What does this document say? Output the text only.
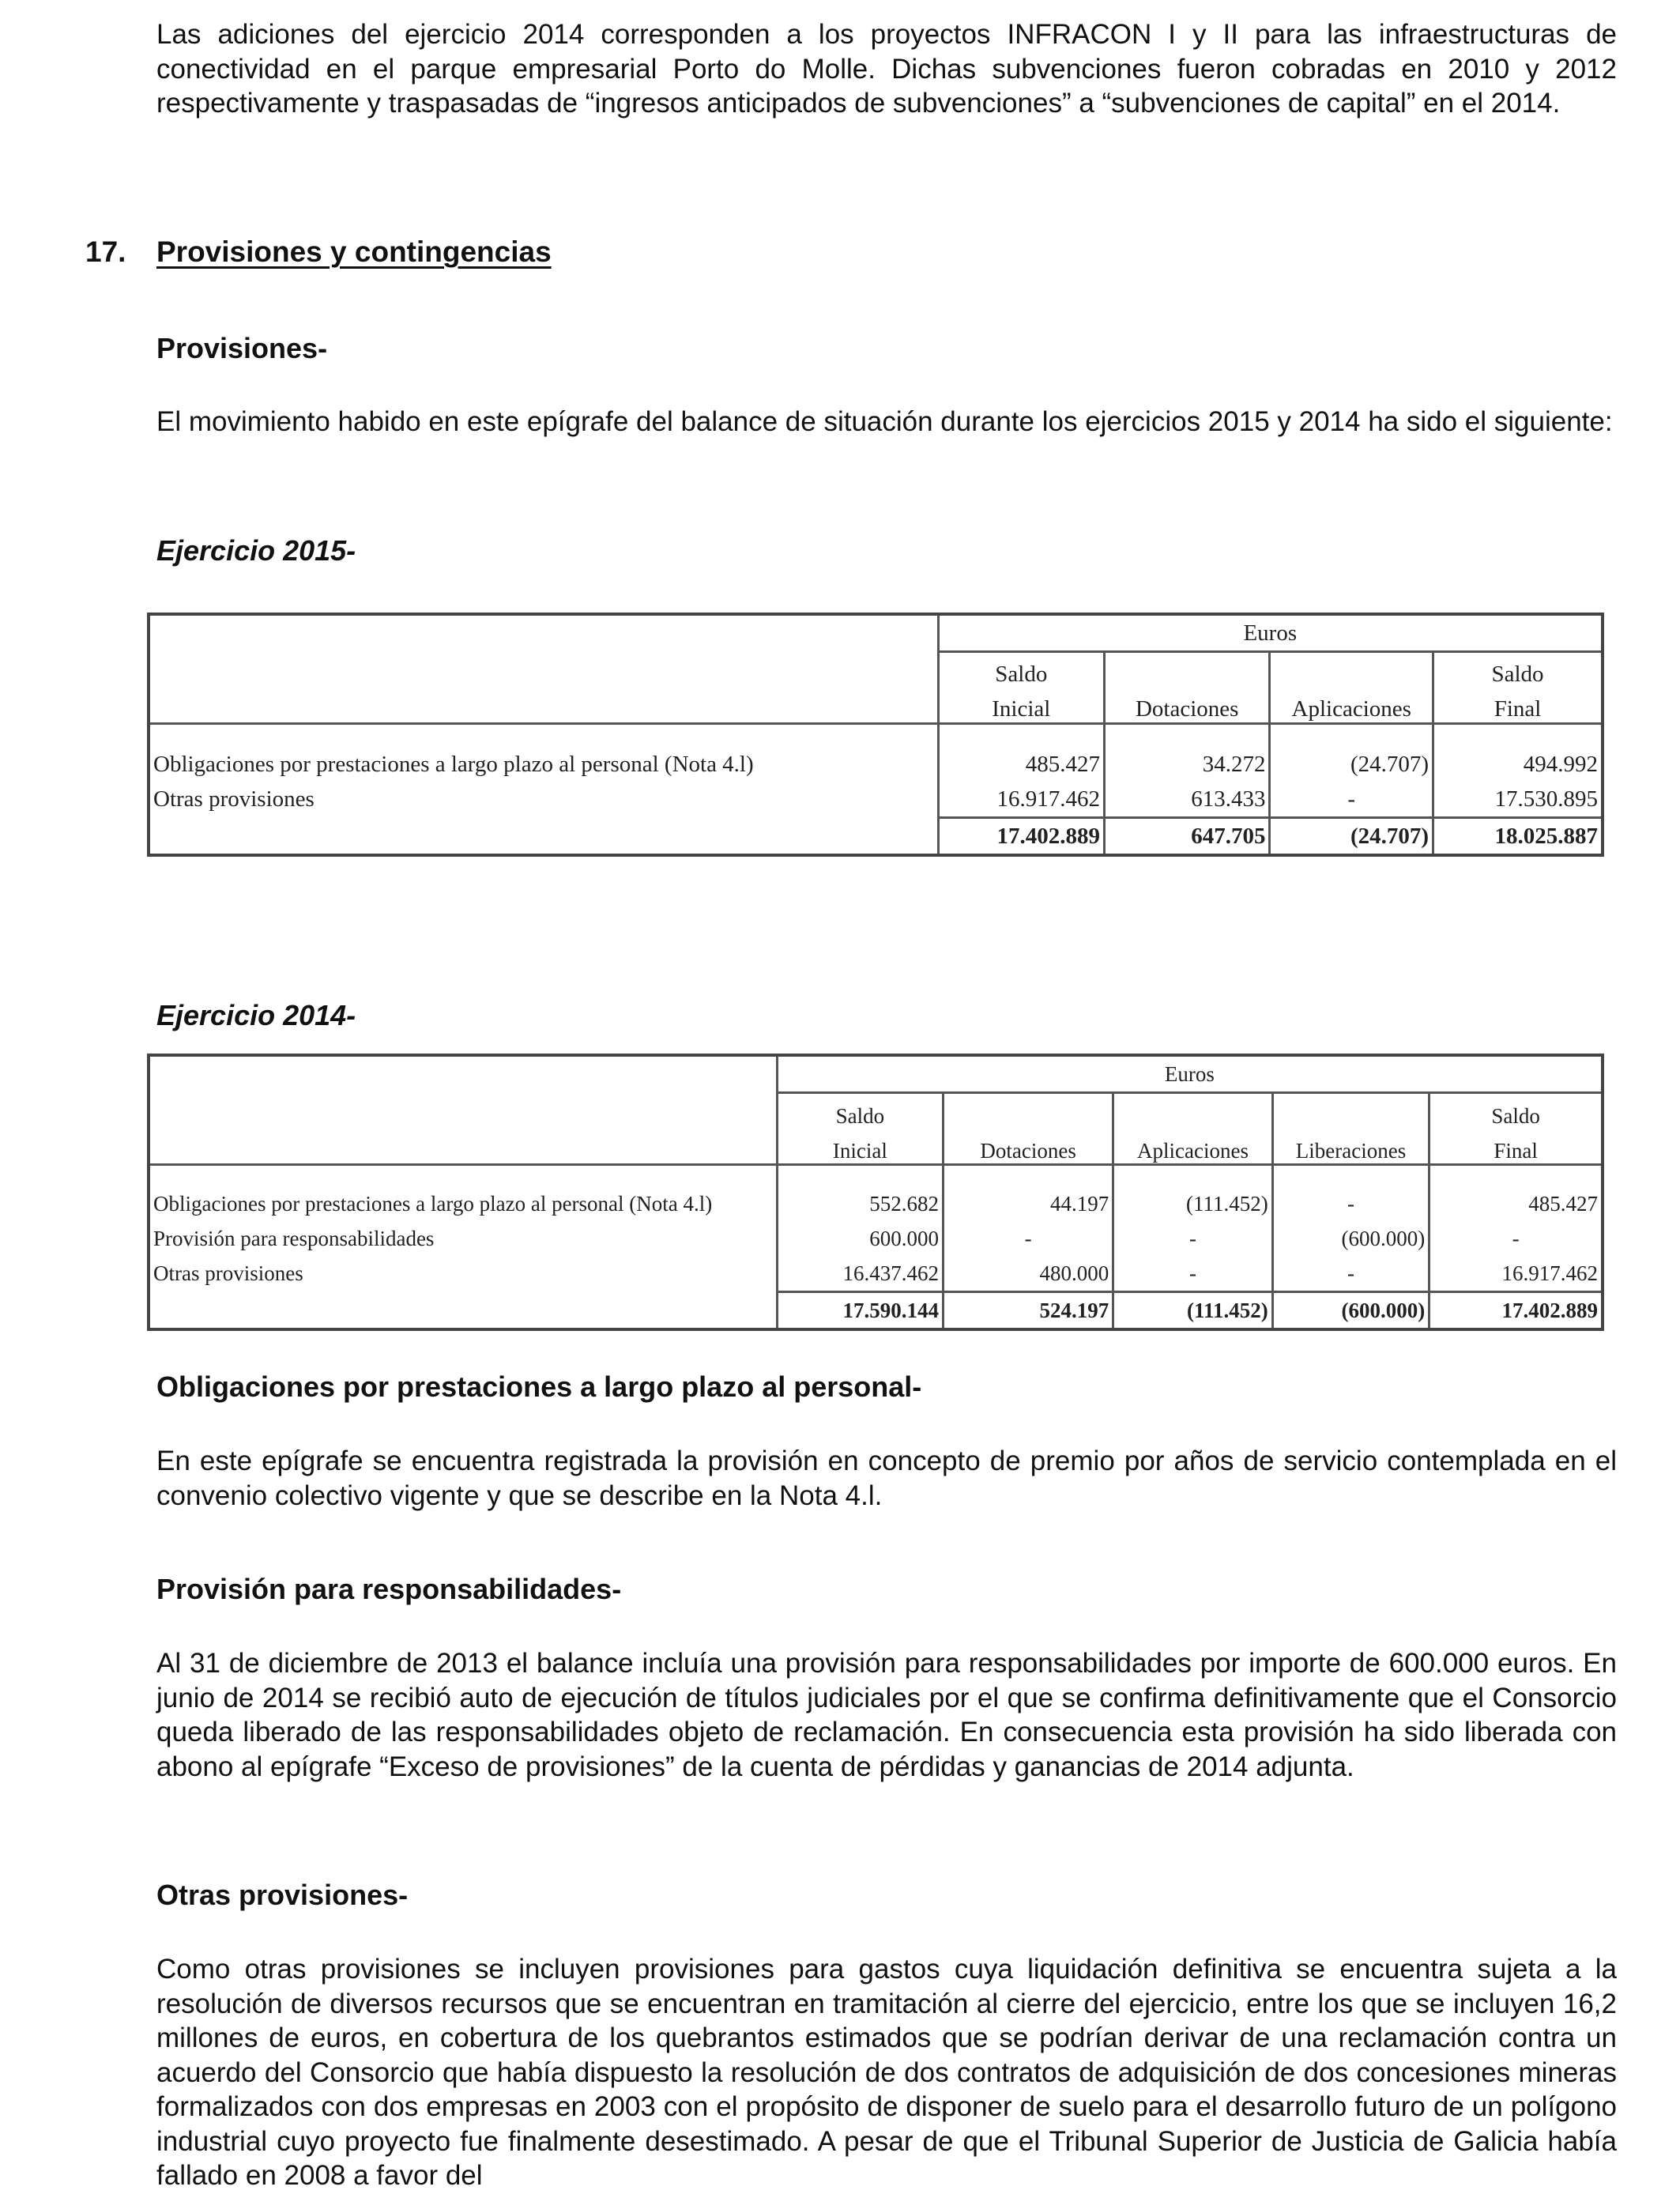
Las adiciones del ejercicio 2014 corresponden a los proyectos INFRACON I y II para las infraestructuras de conectividad en el parque empresarial Porto do Molle. Dichas subvenciones fueron cobradas en 2010 y 2012 respectivamente y traspasadas de “ingresos anticipados de subvenciones” a “subvenciones de capital” en el 2014.

17. Provisiones y contingencias
Provisiones-

El movimiento habido en este epígrafe del balance de situación durante los ejercicios 2015 y 2014 ha sido el siguiente:

Ejercicio 2015-
	Euros			
	Saldo			Saldo
	Inicial	Dotaciones	Aplicaciones	Final

Obligaciones por prestaciones a largo plazo al personal (Nota 4.l)	485.427	34.272	(24.707)	494.992
Otras provisiones	16.917.462	613.433	-	17.530.895
	17.402.889	647.705	(24.707)	18.025.887
Ejercicio 2014-
	Euros				
	Saldo				Saldo
	Inicial	Dotaciones	Aplicaciones	Liberaciones	Final

Obligaciones por prestaciones a largo plazo al personal (Nota 4.l)	552.682	44.197	(111.452)	-	485.427
Provisión para responsabilidades	600.000	-	-	(600.000)	-
Otras provisiones	16.437.462	480.000	-	-	16.917.462
	17.590.144	524.197	(111.452)	(600.000)	17.402.889
Obligaciones por prestaciones a largo plazo al personal-

En este epígrafe se encuentra registrada la provisión en concepto de premio por años de servicio contemplada en el convenio colectivo vigente y que se describe en la Nota 4.l.

Provisión para responsabilidades-

Al 31 de diciembre de 2013 el balance incluía una provisión para responsabilidades por importe de 600.000 euros. En junio de 2014 se recibió auto de ejecución de títulos judiciales por el que se confirma definitivamente que el Consorcio queda liberado de las responsabilidades objeto de reclamación. En consecuencia esta provisión ha sido liberada con abono al epígrafe “Exceso de provisiones” de la cuenta de pérdidas y ganancias de 2014 adjunta.

Otras provisiones-

Como otras provisiones se incluyen provisiones para gastos cuya liquidación definitiva se encuentra sujeta a la resolución de diversos recursos que se encuentran en tramitación al cierre del ejercicio, entre los que se incluyen 16,2 millones de euros, en cobertura de los quebrantos estimados que se podrían derivar de una reclamación contra un acuerdo del Consorcio que había dispuesto la resolución de dos contratos de adquisición de dos concesiones mineras formalizados con dos empresas en 2003 con el propósito de disponer de suelo para el desarrollo futuro de un polígono industrial cuyo proyecto fue finalmente desestimado. A pesar de que el Tribunal Superior de Justicia de Galicia había fallado en 2008 a favor del
